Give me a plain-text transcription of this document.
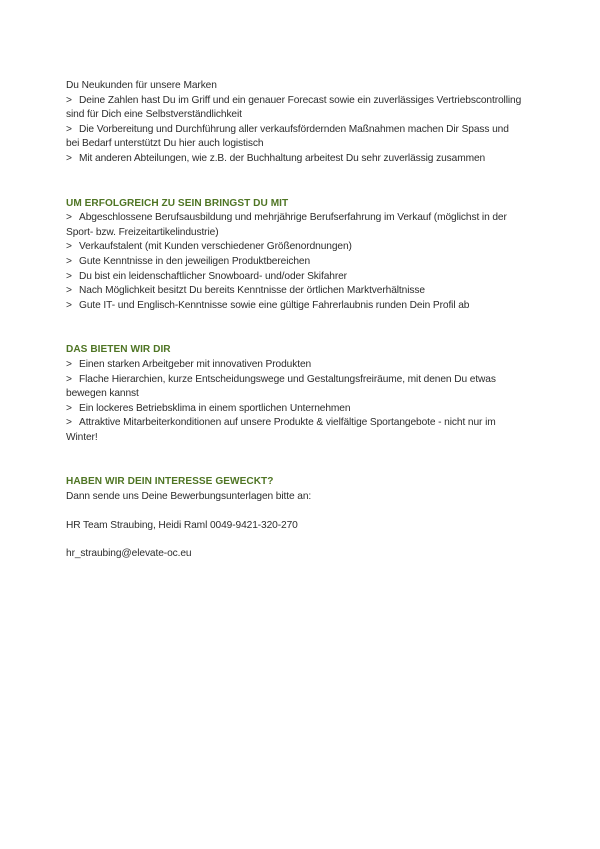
Du Neukunden für unsere Marken
> Deine Zahlen hast Du im Griff und ein genauer Forecast sowie ein zuverlässiges Vertriebscontrolling sind für Dich eine Selbstverständlichkeit
> Die Vorbereitung und Durchführung aller verkaufsfördernden Maßnahmen machen Dir Spass und bei Bedarf unterstützt Du hier auch logistisch
> Mit anderen Abteilungen, wie z.B. der Buchhaltung arbeitest Du sehr zuverlässig zusammen
UM ERFOLGREICH ZU SEIN BRINGST DU MIT
> Abgeschlossene Berufsausbildung und mehrjährige Berufserfahrung im Verkauf (möglichst in der Sport- bzw. Freizeitartikelindustrie)
> Verkaufstalent (mit Kunden verschiedener Größenordnungen)
> Gute Kenntnisse in den jeweiligen Produktbereichen
> Du bist ein leidenschaftlicher Snowboard- und/oder Skifahrer
> Nach Möglichkeit besitzt Du bereits Kenntnisse der örtlichen Marktverhältnisse
> Gute IT- und Englisch-Kenntnisse sowie eine gültige Fahrerlaubnis runden Dein Profil ab
DAS BIETEN WIR DIR
> Einen starken Arbeitgeber mit innovativen Produkten
> Flache Hierarchien, kurze Entscheidungswege und Gestaltungsfreiräume, mit denen Du etwas bewegen kannst
> Ein lockeres Betriebsklima in einem sportlichen Unternehmen
> Attraktive Mitarbeiterkonditionen auf unsere Produkte & vielfältige Sportangebote - nicht nur im Winter!
HABEN WIR DEIN INTERESSE GEWECKT?
Dann sende uns Deine Bewerbungsunterlagen bitte an:
HR Team Straubing, Heidi Raml 0049-9421-320-270
hr_straubing@elevate-oc.eu
